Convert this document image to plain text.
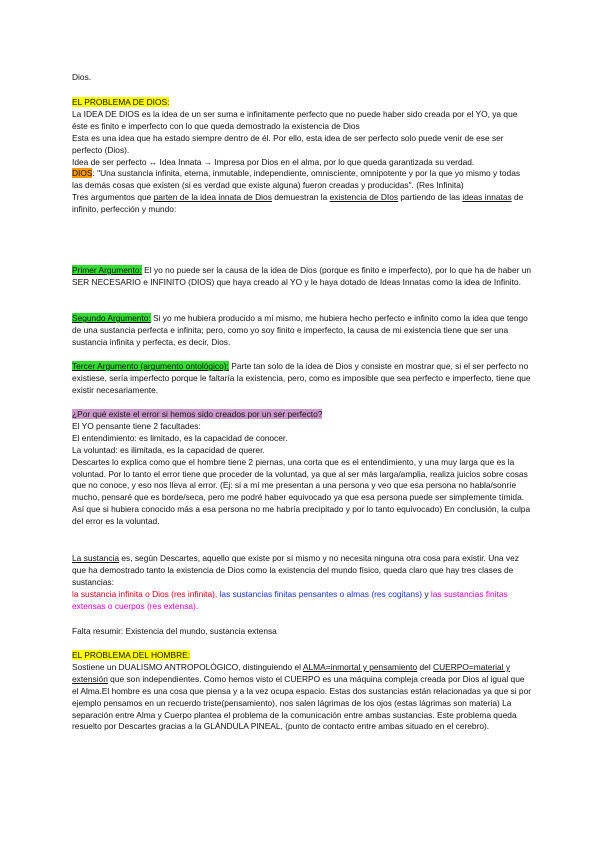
Dios.

EL PROBLEMA DE DIOS:

La IDEA DE DIOS es la idea de un ser suma e infinitamente perfecto que no puede haber sido creada por el YO, ya que éste es finito e imperfecto con lo que queda demostrado la existencia de Dios

Esta es una idea que ha estado siempre dentro de él. Por ello, esta idea de ser perfecto solo puede venir de ese ser perfecto (Dios).

Idea de ser perfecto ↔ Idea Innata → Impresa por Dios en el alma, por lo que queda garantizada su verdad.

DIOS: "Una sustancia infinita, eterna, inmutable, independiente, omnisciente, omnipotente y por la que yo mismo y todas las demás cosas que existen (si es verdad que existe alguna) fueron creadas y producidas". (Res Infinita)

Tres argumentos que parten de la idea innata de Dios demuestran la existencia de DIos partiendo de las ideas innatas de infinito, perfección y mundo:

Primer Argumento: El yo no puede ser la causa de la idea de Dios (porque es finito e imperfecto), por lo que ha de haber un SER NECESARIO e INFINITO (DIOS) que haya creado al YO y le haya dotado de Ideas Innatas como la idea de Infinito.

Segundo Argumento: Si yo me hubiera producido a mí mismo, me hubiera hecho perfecto e infinito como la idea que tengo de una sustancia perfecta e infinita; pero, como yo soy finito e imperfecto, la causa de mi existencia tiene que ser una sustancia infinita y perfecta, es decir, Dios.

Tercer Argumento (argumento ontológico): Parte tan solo de la idea de Dios y consiste en mostrar que, si el ser perfecto no existiese, sería imperfecto porque le faltaría la existencia, pero, como es imposible que sea perfecto e imperfecto, tiene que existir necesariamente.

¿Por qué existe el error si hemos sido creados por un ser perfecto?

El YO pensante tiene 2 facultades:

El entendimiento: es limitado, es la capacidad de conocer.

La voluntad: es ilimitada, es la capacidad de querer.

Descartes lo explica como que el hombre tiene 2 piernas, una corta que es el entendimiento, y una muy larga que es la voluntad. Por lo tanto el error tiene que proceder de la voluntad, ya que al ser más larga/amplia, realiza juicios sobre cosas que no conoce, y eso nos lleva al error. (Ej: si a mí me presentan a una persona y veo que esa persona no habla/sonríe mucho, pensaré que es borde/seca, pero me podré haber equivocado ya que esa persona puede ser simplemente tímida. Así que si hubiera conocido más a esa persona no me habría precipitado y por lo tanto equivocado) En conclusión, la culpa del error es la voluntad.

La sustancia es, según Descartes, aquello que existe por sí mismo y no necesita ninguna otra cosa para existir. Una vez que ha demostrado tanto la existencia de Dios como la existencia del mundo físico, queda claro que hay tres clases de sustancias:
la sustancia infinita o Dios (res infinita), las sustancias finitas pensantes o almas (res cogitans) y las sustancias finitas extensas o cuerpos (res extensa).

Falta resumir: Existencia del mundo, sustancia extensa

EL PROBLEMA DEL HOMBRE:

Sostiene un DUALISMO ANTROPOLÓGICO, distinguiendo el ALMA=inmortal y pensamiento del CUERPO=material y extensión que son independientes. Como hemos visto el CUERPO es una máquina compleja creada por Dios al igual que el Alma.El hombre es una cosa que piensa y a la vez ocupa espacio. Estas dos sustancias están relacionadas ya que si por ejemplo pensamos en un recuerdo triste(pensamiento), nos salen lágrimas de los ojos (estas lágrimas son materia) La separación entre Alma y Cuerpo plantea el problema de la comunicación entre ambas sustancias. Este problema queda resuelto por Descartes gracias a la GLÁNDULA PINEAL, (punto de contacto entre ambas situado en el cerebro).
